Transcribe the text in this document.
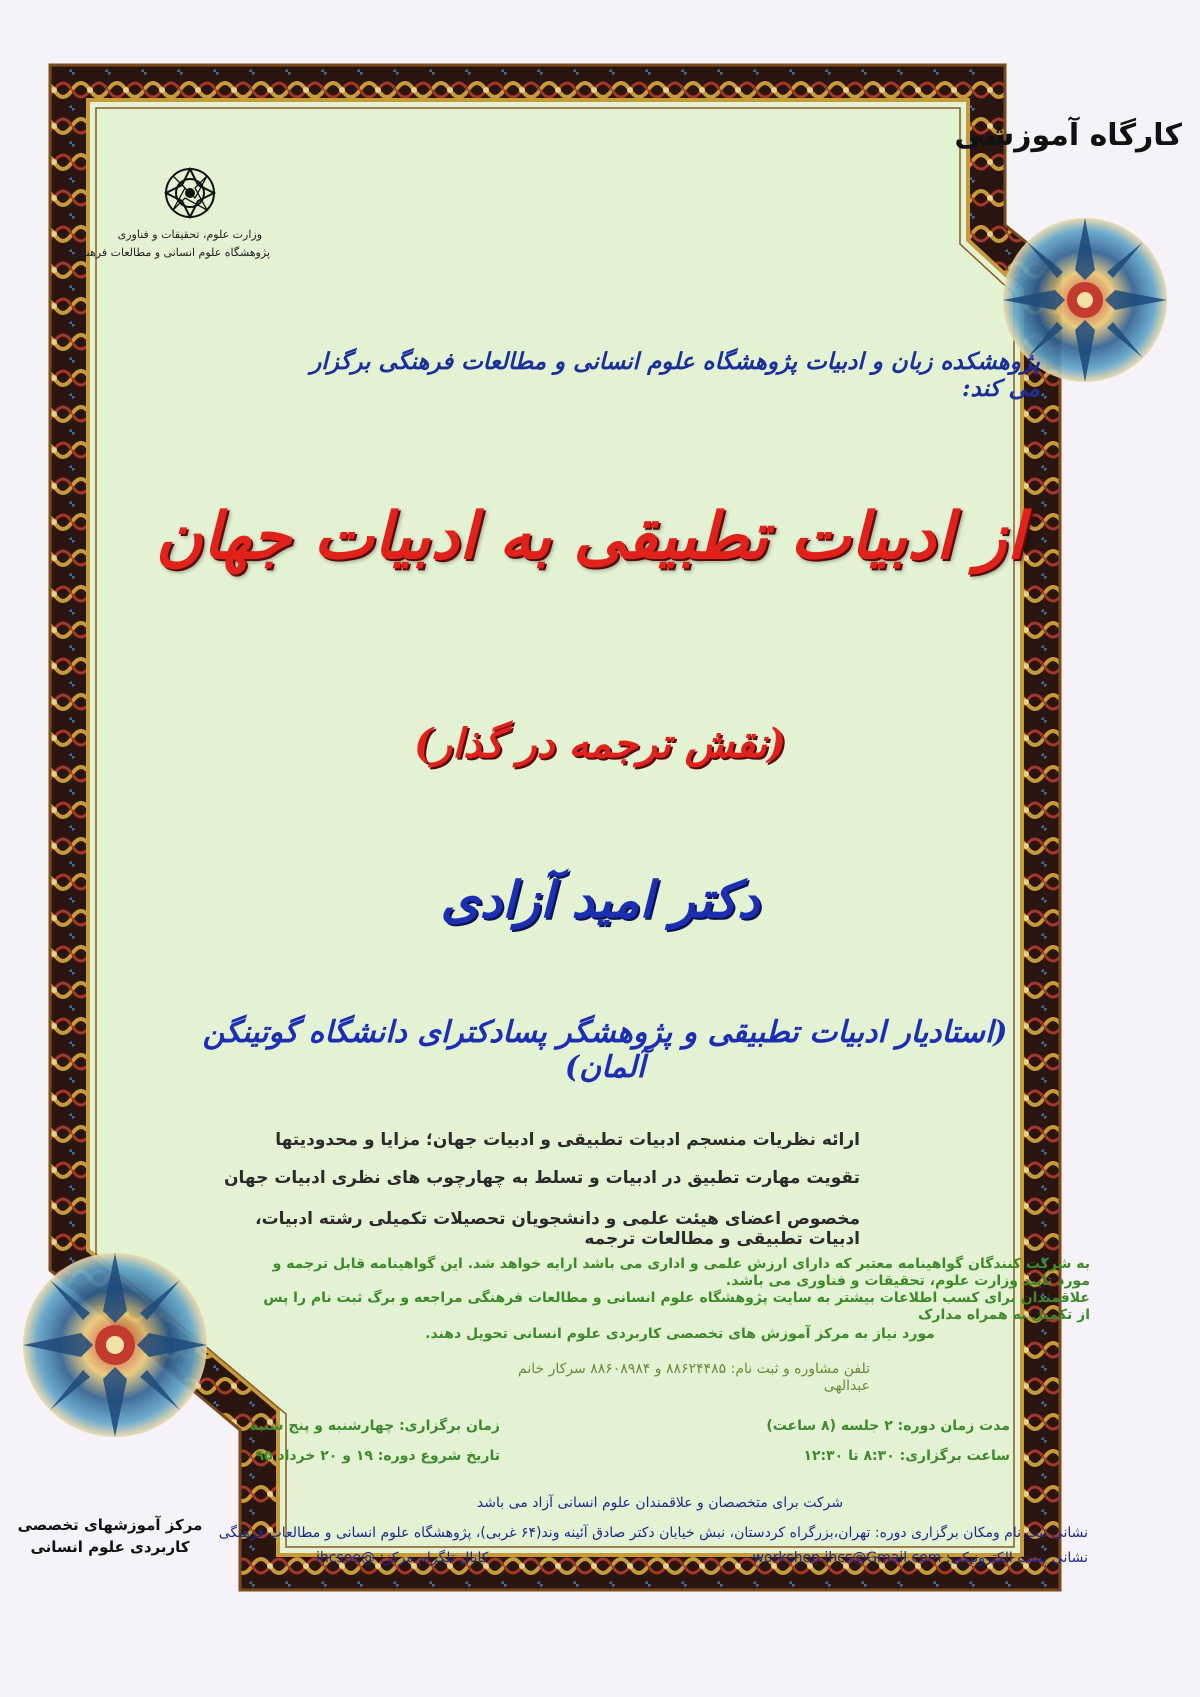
کارگاه آموزشی
وزارت علوم، تحقیقات و فناوری
پژوهشگاه علوم انسانی و مطالعات فرهنگی
پژوهشکده زبان و ادبیات پژوهشگاه علوم انسانی و مطالعات فرهنگی برگزار می کند:
از ادبیات تطبیقی به ادبیات جهان
(نقش ترجمه در گذار)
دکتر امید آزادی
(استادیار ادبیات تطبیقی و پژوهشگر پسادکترای دانشگاه گوتینگن آلمان)
ارائه نظریات منسجم ادبیات تطبیقی و ادبیات جهان؛ مزایا و محدودیتها
تقویت مهارت تطبیق در ادبیات و تسلط به چهارچوب های نظری ادبیات جهان
مخصوص اعضای هیئت علمی و دانشجویان تحصیلات تکمیلی رشته ادبیات، ادبیات تطبیقی و مطالعات ترجمه
به شرکت کنندگان گواهینامه معتبر که دارای ارزش علمی و اداری می باشد ارایه خواهد شد. این گواهینامه قابل ترجمه و مورد تایید وزارت علوم، تحقیقات و فناوری می باشد.
علاقمندان برای کسب اطلاعات بیشتر به سایت پژوهشگاه علوم انسانی و مطالعات فرهنگی مراجعه و برگ ثبت نام را پس از تکمیل به همراه مدارک
مورد نیاز به مرکز آموزش های تخصصی کاربردی علوم انسانی تحویل دهند.
تلفن مشاوره و ثبت نام: ۸۸۶۲۴۴۸۵ و ۸۸۶۰۸۹۸۴ سرکار خانم عبدالهی
مدت زمان دوره: ۲ جلسه (۸ ساعت)
ساعت برگزاری: ۸:۳۰ تا ۱۲:۳۰
زمان برگزاری: چهارشنبه و پنج شنبه
تاریخ شروع دوره: ۱۹ و ۲۰ خرداد ۹۵
شرکت برای متخصصان و علاقمندان علوم انسانی آزاد می باشد
نشانی ثبت نام ومکان برگزاری دوره: تهران،بزرگراه کردستان، نبش خیابان دکتر صادق آئینه وند(۶۴ غربی)، پژوهشگاه علوم انسانی و مطالعات فرهنگی
نشانی پست الکترونیکی: workshop.ihcs@Gmail.com
کانال تلگرام مرکز: @ihcsoe
مرکز آموزشهای تخصصی
کاربردی علوم انسانی
